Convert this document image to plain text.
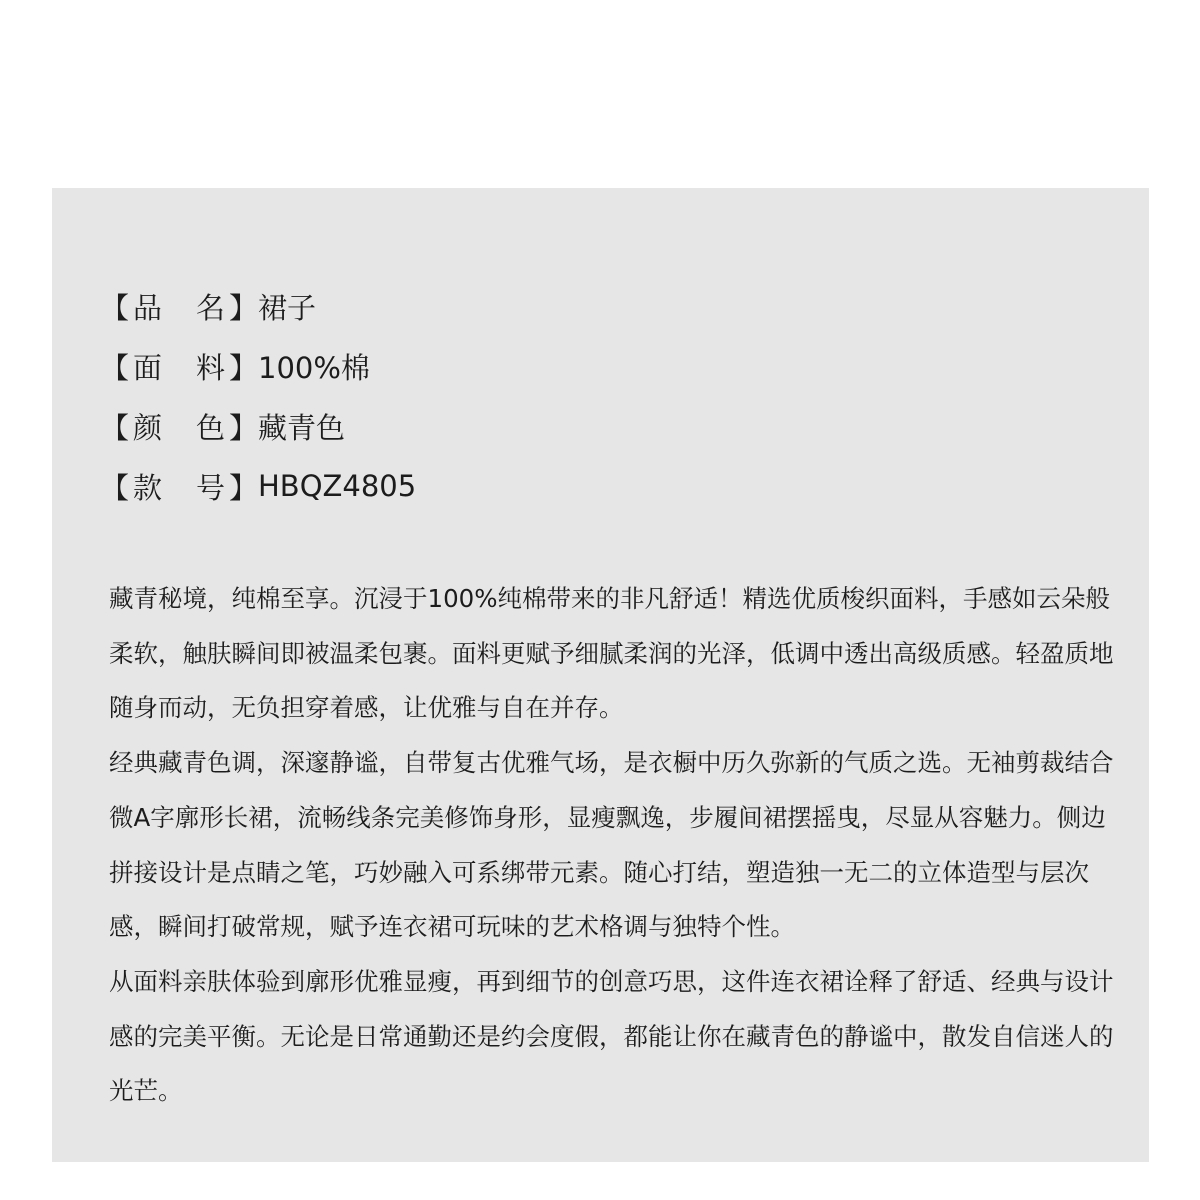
【 品名 】 裙子
【 面料 】 100%棉
【 颜色 】 藏青色
【 款号 】 HBQZ4805

藏青秘境，纯棉至享。沉浸于100%纯棉带来的非凡舒适！精选优质梭织面料，手感如云朵般柔软，触肤瞬间即被温柔包裹。面料更赋予细腻柔润的光泽，低调中透出高级质感。轻盈质地随身而动，无负担穿着感，让优雅与自在并存。

经典藏青色调，深邃静谧，自带复古优雅气场，是衣橱中历久弥新的气质之选。无袖剪裁结合微A字廓形长裙，流畅线条完美修饰身形，显瘦飘逸，步履间裙摆摇曳，尽显从容魅力。侧边拼接设计是点睛之笔，巧妙融入可系绑带元素。随心打结，塑造独一无二的立体造型与层次感，瞬间打破常规，赋予连衣裙可玩味的艺术格调与独特个性。

从面料亲肤体验到廓形优雅显瘦，再到细节的创意巧思，这件连衣裙诠释了舒适、经典与设计感的完美平衡。无论是日常通勤还是约会度假，都能让你在藏青色的静谧中，散发自信迷人的光芒。
